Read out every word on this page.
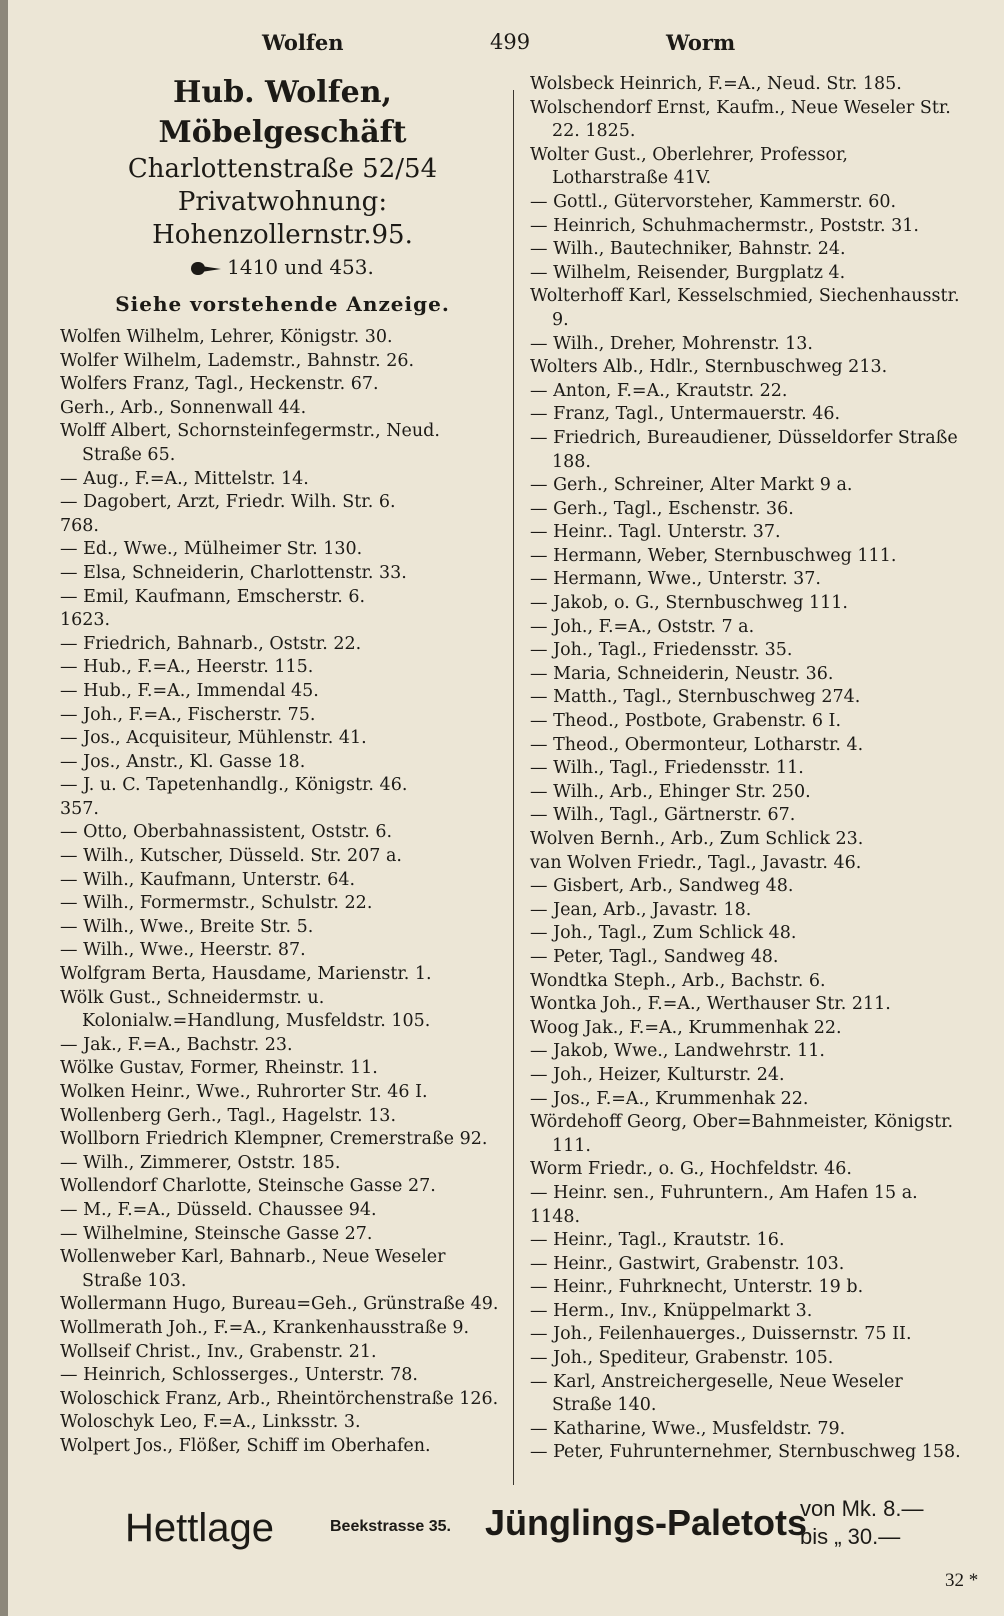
Wolfen	499	Worm
Hub. Wolfen, Möbelgeschäft
Charlottenstraße 52/54
Privatwohnung: Hohenzollernstr.95.
1410 und 453.
Siehe vorstehende Anzeige.
Wolfen Wilhelm, Lehrer, Königstr. 30.
Wolfer Wilhelm, Lademstr., Bahnstr. 26.
Wolfers Franz, Tagl., Heckenstr. 67.
Gerh., Arb., Sonnenwall 44.
Wolff Albert, Schornsteinfegermstr., Neud. Straße 65.
— Aug., F.=A., Mittelstr. 14.
— Dagobert, Arzt, Friedr. Wilh. Str. 6.
768.
— Ed., Wwe., Mülheimer Str. 130.
— Elsa, Schneiderin, Charlottenstr. 33.
— Emil, Kaufmann, Emscherstr. 6.
1623.
— Friedrich, Bahnarb., Oststr. 22.
— Hub., F.=A., Heerstr. 115.
— Hub., F.=A., Immendal 45.
— Joh., F.=A., Fischerstr. 75.
— Jos., Acquisiteur, Mühlenstr. 41.
— Jos., Anstr., Kl. Gasse 18.
— J. u. C. Tapetenhandlg., Königstr. 46.
357.
— Otto, Oberbahnassistent, Oststr. 6.
— Wilh., Kutscher, Düsseld. Str. 207 a.
— Wilh., Kaufmann, Unterstr. 64.
— Wilh., Formermstr., Schulstr. 22.
— Wilh., Wwe., Breite Str. 5.
— Wilh., Wwe., Heerstr. 87.
Wolfgram Berta, Hausdame, Marienstr. 1.
Wölk Gust., Schneidermstr. u. Kolonialw.=Handlung, Musfeldstr. 105.
— Jak., F.=A., Bachstr. 23.
Wölke Gustav, Former, Rheinstr. 11.
Wolken Heinr., Wwe., Ruhrorter Str. 46 I.
Wollenberg Gerh., Tagl., Hagelstr. 13.
Wollborn Friedrich Klempner, Cremerstraße 92.
— Wilh., Zimmerer, Oststr. 185.
Wollendorf Charlotte, Steinsche Gasse 27.
— M., F.=A., Düsseld. Chaussee 94.
— Wilhelmine, Steinsche Gasse 27.
Wollenweber Karl, Bahnarb., Neue Weseler Straße 103.
Wollermann Hugo, Bureau=Geh., Grünstraße 49.
Wollmerath Joh., F.=A., Krankenhausstraße 9.
Wollseif Christ., Inv., Grabenstr. 21.
— Heinrich, Schlosserges., Unterstr. 78.
Woloschick Franz, Arb., Rheintörchenstraße 126.
Woloschyk Leo, F.=A., Linksstr. 3.
Wolpert Jos., Flößer, Schiff im Oberhafen.
Wolsbeck Heinrich, F.=A., Neud. Str. 185.
Wolschendorf Ernst, Kaufm., Neue Weseler Str. 22. 1825.
Wolter Gust., Oberlehrer, Professor, Lotharstraße 41V.
— Gottl., Gütervorsteher, Kammerstr. 60.
— Heinrich, Schuhmachermstr., Poststr. 31.
— Wilh., Bautechniker, Bahnstr. 24.
— Wilhelm, Reisender, Burgplatz 4.
Wolterhoff Karl, Kesselschmied, Siechenhausstr. 9.
— Wilh., Dreher, Mohrenstr. 13.
Wolters Alb., Hdlr., Sternbuschweg 213.
— Anton, F.=A., Krautstr. 22.
— Franz, Tagl., Untermauerstr. 46.
— Friedrich, Bureaudiener, Düsseldorfer Straße 188.
— Gerh., Schreiner, Alter Markt 9 a.
— Gerh., Tagl., Eschenstr. 36.
— Heinr.. Tagl. Unterstr. 37.
— Hermann, Weber, Sternbuschweg 111.
— Hermann, Wwe., Unterstr. 37.
— Jakob, o. G., Sternbuschweg 111.
— Joh., F.=A., Oststr. 7 a.
— Joh., Tagl., Friedensstr. 35.
— Maria, Schneiderin, Neustr. 36.
— Matth., Tagl., Sternbuschweg 274.
— Theod., Postbote, Grabenstr. 6 I.
— Theod., Obermonteur, Lotharstr. 4.
— Wilh., Tagl., Friedensstr. 11.
— Wilh., Arb., Ehinger Str. 250.
— Wilh., Tagl., Gärtnerstr. 67.
Wolven Bernh., Arb., Zum Schlick 23.
van Wolven Friedr., Tagl., Javastr. 46.
— Gisbert, Arb., Sandweg 48.
— Jean, Arb., Javastr. 18.
— Joh., Tagl., Zum Schlick 48.
— Peter, Tagl., Sandweg 48.
Wondtka Steph., Arb., Bachstr. 6.
Wontka Joh., F.=A., Werthauser Str. 211.
Woog Jak., F.=A., Krummenhak 22.
— Jakob, Wwe., Landwehrstr. 11.
— Joh., Heizer, Kulturstr. 24.
— Jos., F.=A., Krummenhak 22.
Wördehoff Georg, Ober=Bahnmeister, Königstr. 111.
Worm Friedr., o. G., Hochfeldstr. 46.
— Heinr. sen., Fuhruntern., Am Hafen 15 a.
1148.
— Heinr., Tagl., Krautstr. 16.
— Heinr., Gastwirt, Grabenstr. 103.
— Heinr., Fuhrknecht, Unterstr. 19 b.
— Herm., Inv., Knüppelmarkt 3.
— Joh., Feilenhauerges., Duissernstr. 75 II.
— Joh., Spediteur, Grabenstr. 105.
— Karl, Anstreichergeselle, Neue Weseler Straße 140.
— Katharine, Wwe., Musfeldstr. 79.
— Peter, Fuhrunternehmer, Sternbuschweg 158.
Hettlage	Beekstrasse 35. Jünglings-Paletots
von Mk. 8.—
bis „ 30.—
32 *
